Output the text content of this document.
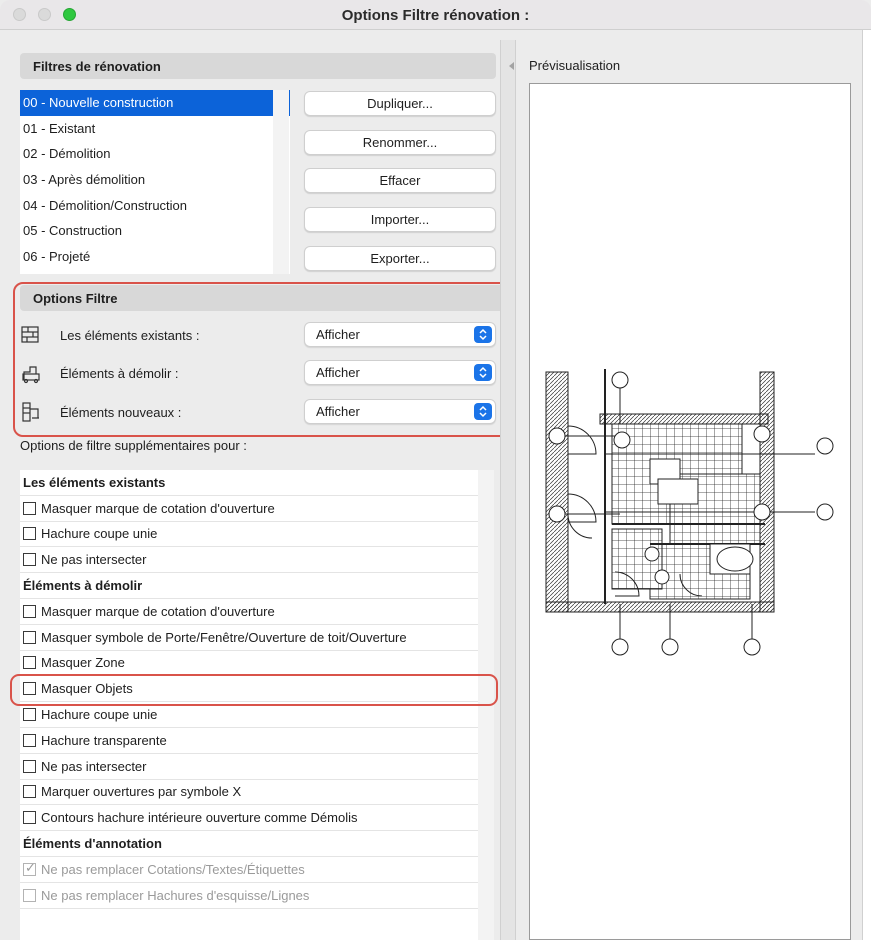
Options Filtre rénovation :
Filtres de rénovation
00 - Nouvelle construction
01 - Existant
02 - Démolition
03 - Après démolition
04 - Démolition/Construction
05 - Construction
06 - Projeté
Dupliquer...
Renommer...
Effacer
Importer...
Exporter...
Options Filtre
Les éléments existants :	Afficher
Éléments à démolir :	Afficher
Éléments nouveaux :	Afficher
Options de filtre supplémentaires pour :
Les éléments existants
Masquer marque de cotation d'ouverture
Hachure coupe unie
Ne pas intersecter
Éléments à démolir
Masquer marque de cotation d'ouverture
Masquer symbole de Porte/Fenêtre/Ouverture de toit/Ouverture
Masquer Zone
Masquer Objets
Hachure coupe unie
Hachure transparente
Ne pas intersecter
Marquer ouvertures par symbole X
Contours hachure intérieure ouverture comme Démolis
Éléments d'annotation
✓ Ne pas remplacer Cotations/Textes/Étiquettes
Ne pas remplacer Hachures d'esquisse/Lignes
Prévisualisation
